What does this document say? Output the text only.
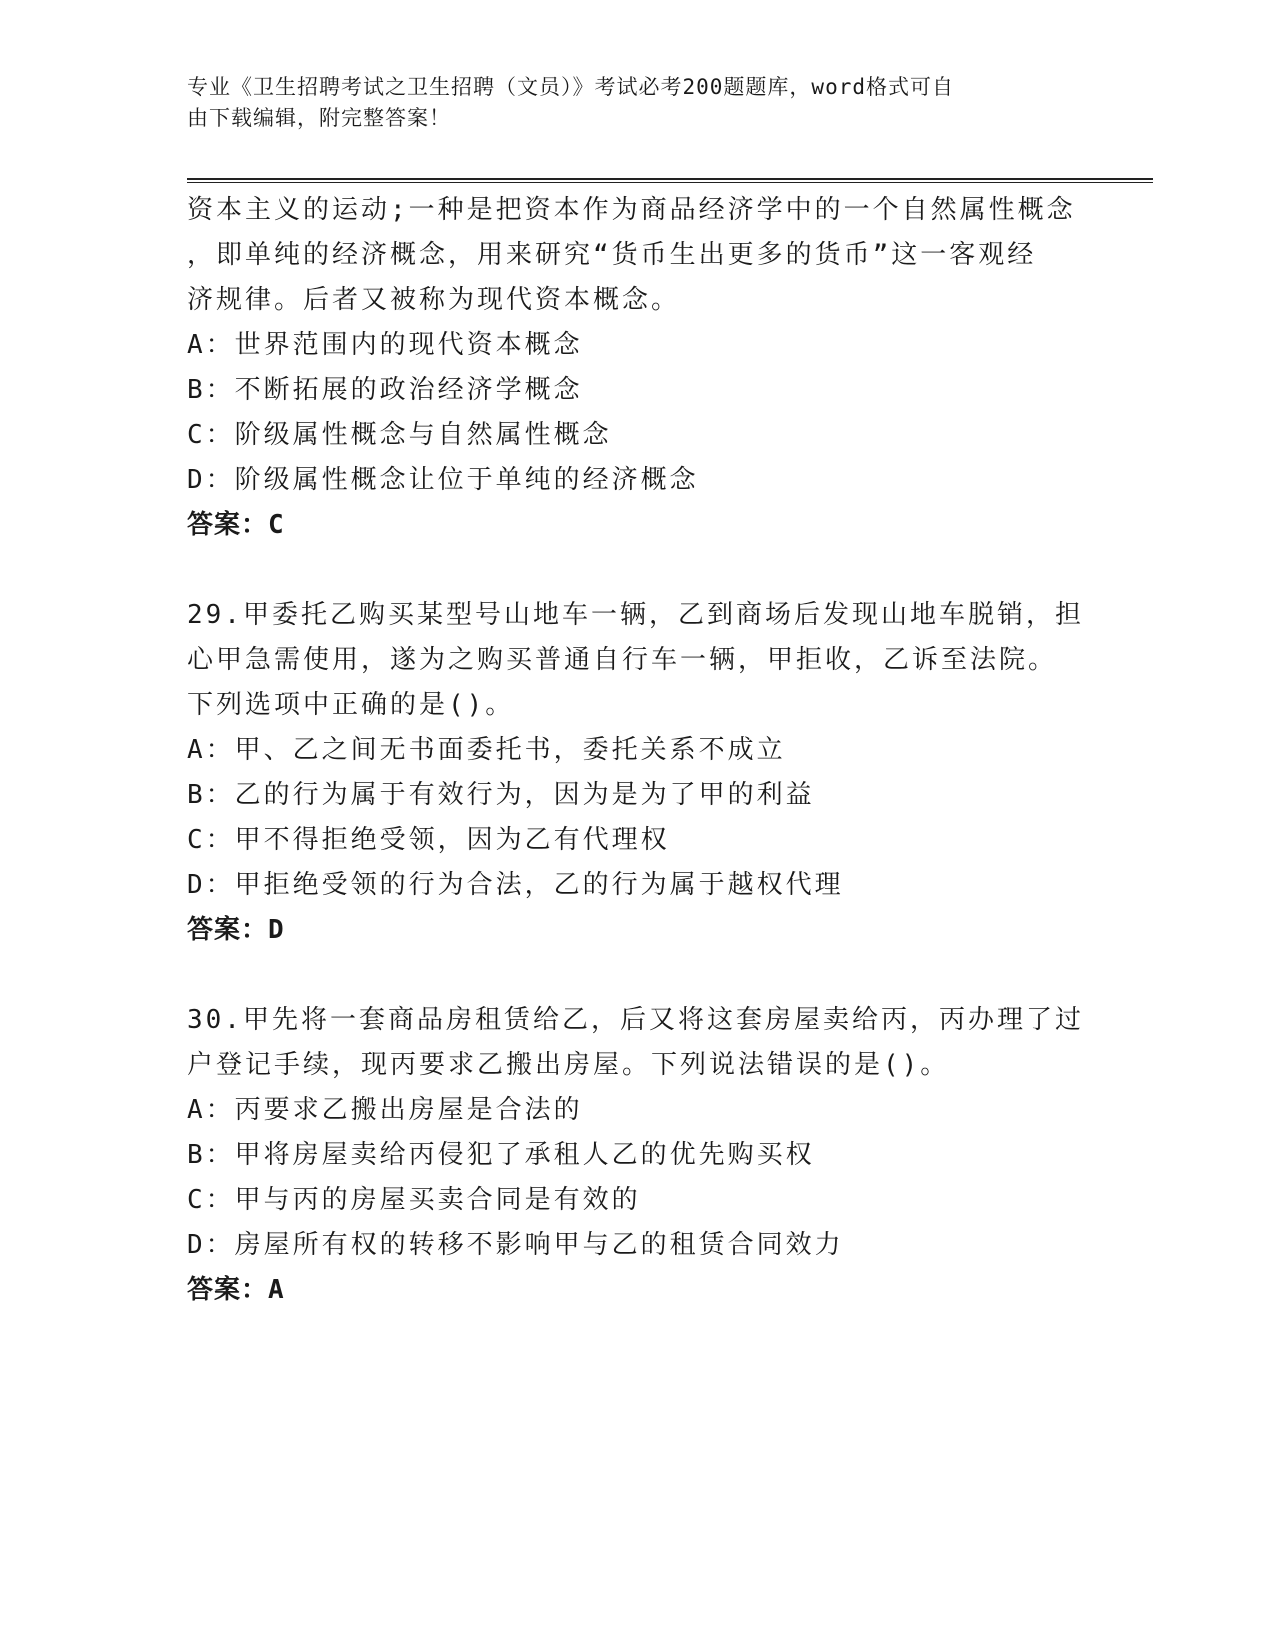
专业《卫生招聘考试之卫生招聘（文员）》考试必考200题题库，word格式可自
由下载编辑，附完整答案！

资本主义的运动;一种是把资本作为商品经济学中的一个自然属性概念

，即单纯的经济概念，用来研究“货币生出更多的货币”这一客观经

济规律。后者又被称为现代资本概念。

A：世界范围内的现代资本概念

B：不断拓展的政治经济学概念

C：阶级属性概念与自然属性概念

D：阶级属性概念让位于单纯的经济概念

答案：C

29.甲委托乙购买某型号山地车一辆，乙到商场后发现山地车脱销，担

心甲急需使用，遂为之购买普通自行车一辆，甲拒收，乙诉至法院。

下列选项中正确的是()。

A：甲、乙之间无书面委托书，委托关系不成立

B：乙的行为属于有效行为，因为是为了甲的利益

C：甲不得拒绝受领，因为乙有代理权

D：甲拒绝受领的行为合法，乙的行为属于越权代理

答案：D

30.甲先将一套商品房租赁给乙，后又将这套房屋卖给丙，丙办理了过

户登记手续，现丙要求乙搬出房屋。下列说法错误的是()。

A：丙要求乙搬出房屋是合法的

B：甲将房屋卖给丙侵犯了承租人乙的优先购买权

C：甲与丙的房屋买卖合同是有效的

D：房屋所有权的转移不影响甲与乙的租赁合同效力

答案：A
